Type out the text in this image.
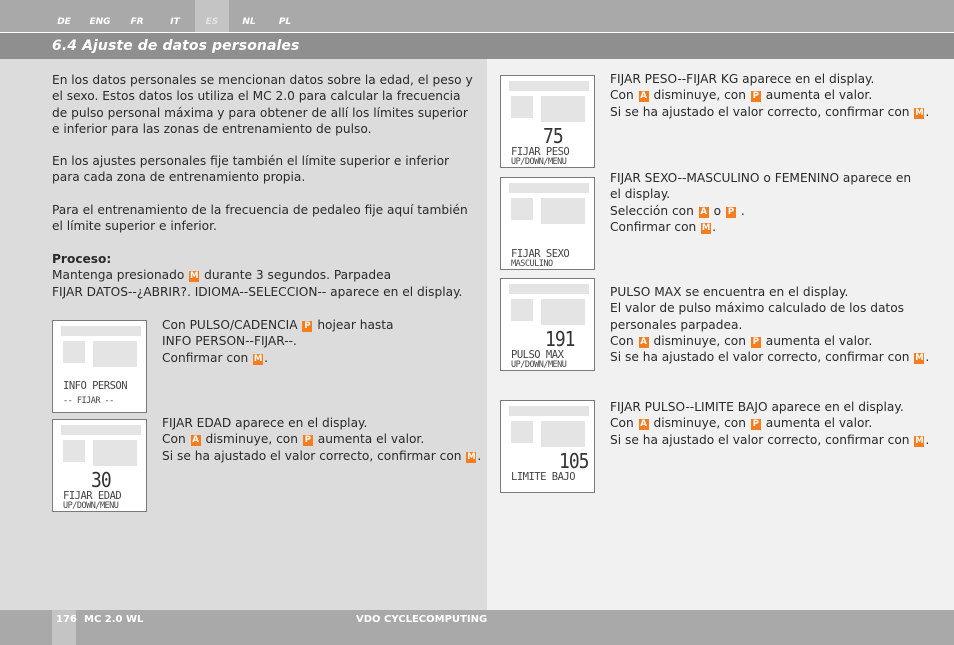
DE	ENG	FR	IT	ES	NL	PL
6.4 Ajuste de datos personales

En los datos personales se mencionan datos sobre la edad, el peso y el sexo. Estos datos los utiliza el MC 2.0 para calcular la frecuencia de pulso personal máxima y para obtener de allí los límites superior e inferior para las zonas de entrenamiento de pulso.

En los ajustes personales fije también el límite superior e inferior para cada zona de entrenamiento propia.

Para el entrenamiento de la frecuencia de pedaleo fije aquí también el límite superior e inferior.

Proceso:

Mantenga presionado M durante 3 segundos. Parpadea

FIJAR DATOS--¿ABRIR?. IDIOMA--SELECCION-- aparece en el display.

INFO PERSON
-- FIJAR --

Con PULSO/CADENCIA P hojear hasta

INFO PERSON--FIJAR--.

Confirmar con M .

30
FIJAR EDAD
UP/DOWN/MENU

FIJAR EDAD aparece en el display.

Con A disminuye, con P aumenta el valor.

Si se ha ajustado el valor correcto, confirmar con M .

75
FIJAR PESO
UP/DOWN/MENU

FIJAR PESO--FIJAR KG aparece en el display.

Con A disminuye, con P aumenta el valor.

Si se ha ajustado el valor correcto, confirmar con M .

FIJAR SEXO
MASCULINO

FIJAR SEXO--MASCULINO o FEMENINO aparece en

el display.

Selección con A o P .

Confirmar con M .

191
PULSO MAX
UP/DOWN/MENU

PULSO MAX se encuentra en el display.

El valor de pulso máximo calculado de los datos

personales parpadea.

Con A disminuye, con P aumenta el valor.

Si se ha ajustado el valor correcto, confirmar con M .

105
LIMITE BAJO

FIJAR PULSO--LIMITE BAJO aparece en el display.

Con A disminuye, con P aumenta el valor.

Si se ha ajustado el valor correcto, confirmar con M .

176 MC 2.0 WL	VDO CYCLECOMPUTING
